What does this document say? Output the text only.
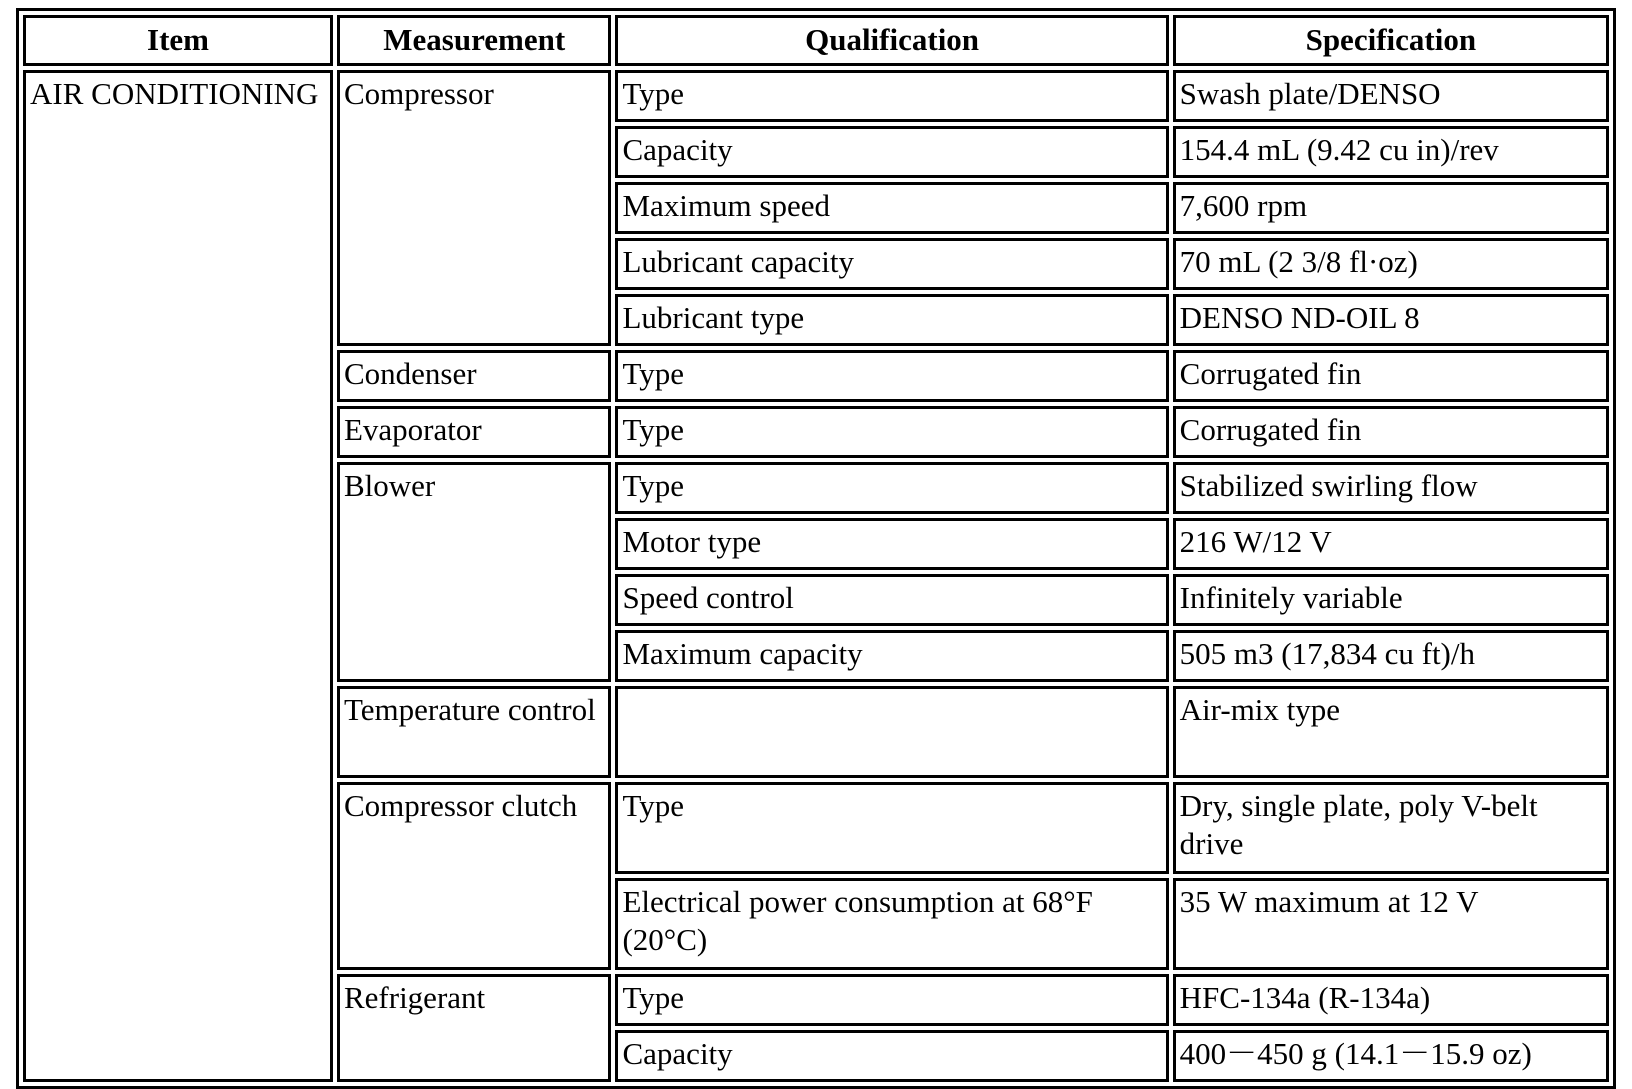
Item	Measurement	Qualification	Specification
AIR CONDITIONING	Compressor	Type	Swash plate/DENSO
		Capacity	154.4 mL (9.42 cu in)/rev
		Maximum speed	7,600 rpm
		Lubricant capacity	70 mL (2 3/8 fl·oz)
		Lubricant type	DENSO ND-OIL 8
	Condenser	Type	Corrugated fin
	Evaporator	Type	Corrugated fin
	Blower	Type	Stabilized swirling flow
		Motor type	216 W/12 V
		Speed control	Infinitely variable
		Maximum capacity	505 m3 (17,834 cu ft)/h
	Temperature control		Air-mix type
	Compressor clutch	Type	Dry, single plate, poly V-belt drive
		Electrical power consumption at 68°F (20°C)	35 W maximum at 12 V
	Refrigerant	Type	HFC-134a (R-134a)
		Capacity	400－450 g (14.1－15.9 oz)
